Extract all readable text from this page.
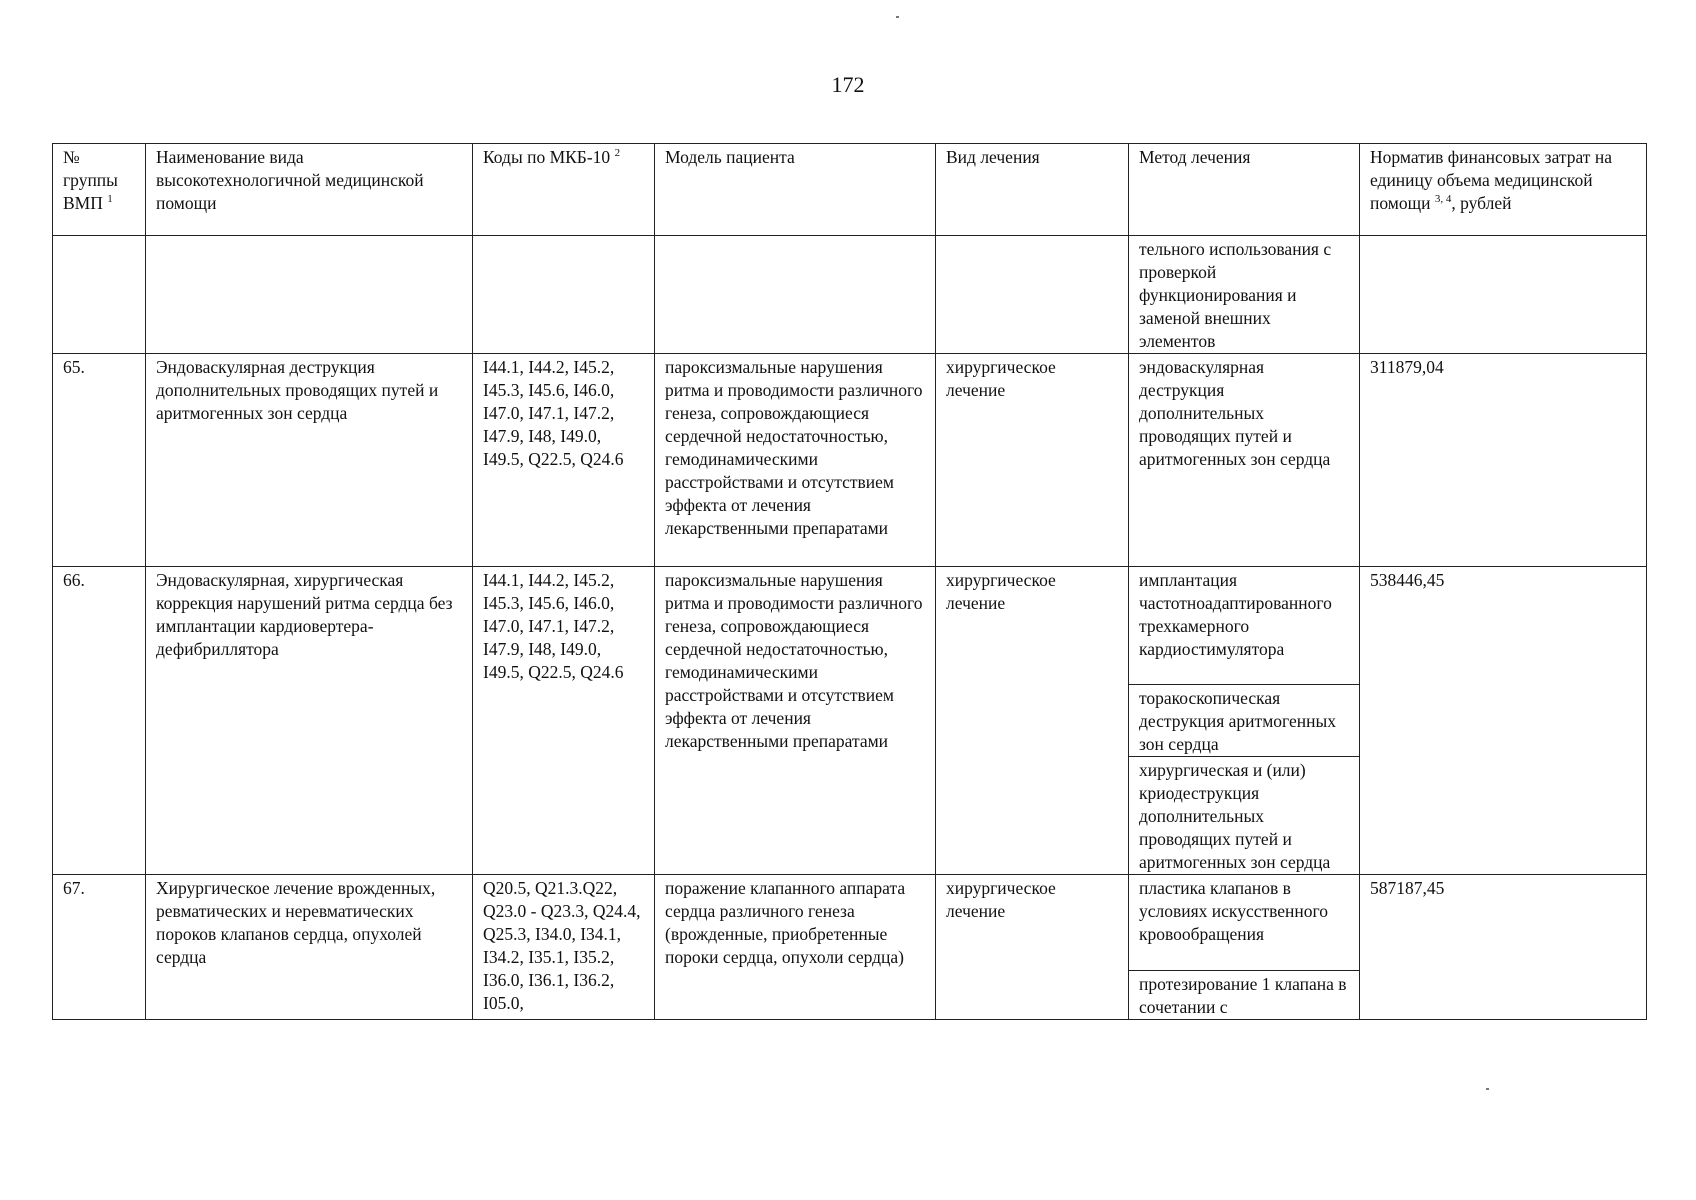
172
№ группы ВМП $^1$	Наименование вида высокотехнологичной медицинской помощи	Коды по МКБ-10 $^2$	Модель пациента	Вид лечения	Метод лечения	Норматив финансовых затрат на единицу объема медицинской помощи $^{3, 4}$, рублей
					тельного использования с проверкой функционирования и заменой внешних элементов	
65.	Эндоваскулярная деструкция дополнительных проводящих путей и аритмогенных зон сердца	I44.1, I44.2, I45.2, I45.3, I45.6, I46.0, I47.0, I47.1, I47.2, I47.9, I48, I49.0, I49.5, Q22.5, Q24.6	пароксизмальные нарушения ритма и проводимости различного генеза, сопровождающиеся сердечной недостаточностью, гемодинамическими расстройствами и отсутствием эффекта от лечения лекарственными препаратами	хирургическое лечение	эндоваскулярная деструкция дополнительных проводящих путей и аритмогенных зон сердца	311879,04
66.	Эндоваскулярная, хирургическая коррекция нарушений ритма сердца без имплантации кардиовертера- дефибриллятора	I44.1, I44.2, I45.2, I45.3, I45.6, I46.0, I47.0, I47.1, I47.2, I47.9, I48, I49.0, I49.5, Q22.5, Q24.6	пароксизмальные нарушения ритма и проводимости различного генеза, сопровождающиеся сердечной недостаточностью, гемодинамическими расстройствами и отсутствием эффекта от лечения лекарственными препаратами	хирургическое лечение	имплантация частотноадаптированного трехкамерного кардиостимулятора	538446,45
					торакоскопическая деструкция аритмогенных зон сердца	
					хирургическая и (или) криодеструкция дополнительных проводящих путей и аритмогенных зон сердца	
67.	Хирургическое лечение врожденных, ревматических и неревматических пороков клапанов сердца, опухолей сердца	Q20.5, Q21.3.Q22, Q23.0 - Q23.3, Q24.4, Q25.3, I34.0, I34.1, I34.2, I35.1, I35.2, I36.0, I36.1, I36.2, I05.0,	поражение клапанного аппарата сердца различного генеза (врожденные, приобретенные пороки сердца, опухоли сердца)	хирургическое лечение	пластика клапанов в условиях искусственного кровообращения	587187,45
					протезирование 1 клапана в сочетании с	
